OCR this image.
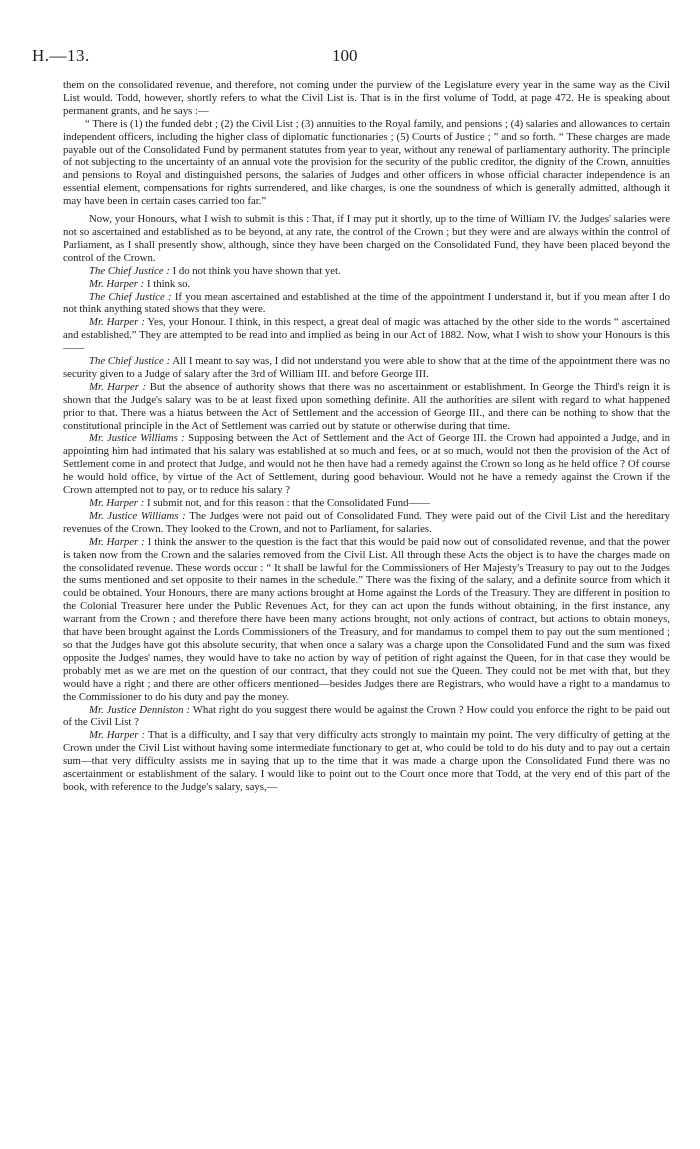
H.—13.	100

them on the consolidated revenue, and therefore, not coming under the purview of the Legislature every year in the same way as the Civil List would. Todd, however, shortly refers to what the Civil List is. That is in the first volume of Todd, at page 472. He is speaking about permanent grants, and he says :—

“ There is (1) the funded debt ; (2) the Civil List ; (3) annuities to the Royal family, and pensions ; (4) salaries and allowances to certain independent officers, including the higher class of diplomatic functionaries ; (5) Courts of Justice ; ” and so forth. “ These charges are made payable out of the Consolidated Fund by permanent statutes from year to year, without any renewal of parliamentary authority. The principle of not subjecting to the uncertainty of an annual vote the provision for the security of the public creditor, the dignity of the Crown, annuities and pensions to Royal and distinguished persons, the salaries of Judges and other officers in whose official character independence is an essential element, compensations for rights surrendered, and like charges, is one the soundness of which is generally admitted, although it may have been in certain cases carried too far.”

Now, your Honours, what I wish to submit is this : That, if I may put it shortly, up to the time of William IV. the Judges' salaries were not so ascertained and established as to be beyond, at any rate, the control of the Crown ; but they were and are always within the control of Parliament, as I shall presently show, although, since they have been charged on the Consolidated Fund, they have been placed beyond the control of the Crown.

The Chief Justice : I do not think you have shown that yet.

Mr. Harper : I think so.

The Chief Justice : If you mean ascertained and established at the time of the appointment I understand it, but if you mean after I do not think anything stated shows that they were.

Mr. Harper : Yes, your Honour. I think, in this respect, a great deal of magic was attached by the other side to the words “ ascertained and established.” They are attempted to be read into and implied as being in our Act of 1882. Now, what I wish to show your Honours is this——

The Chief Justice : All I meant to say was, I did not understand you were able to show that at the time of the appointment there was no security given to a Judge of salary after the 3rd of William III. and before George III.

Mr. Harper : But the absence of authority shows that there was no ascertainment or establishment. In George the Third's reign it is shown that the Judge's salary was to be at least fixed upon something definite. All the authorities are silent with regard to what happened prior to that. There was a hiatus between the Act of Settlement and the accession of George III., and there can be nothing to show that the constitutional principle in the Act of Settlement was carried out by statute or otherwise during that time.

Mr. Justice Williams : Supposing between the Act of Settlement and the Act of George III. the Crown had appointed a Judge, and in appointing him had intimated that his salary was established at so much and fees, or at so much, would not then the provision of the Act of Settlement come in and protect that Judge, and would not he then have had a remedy against the Crown so long as he held office ? Of course he would hold office, by virtue of the Act of Settlement, during good behaviour. Would not he have a remedy against the Crown if the Crown attempted not to pay, or to reduce his salary ?

Mr. Harper : I submit not, and for this reason : that the Consolidated Fund——

Mr. Justice Williams : The Judges were not paid out of Consolidated Fund. They were paid out of the Civil List and the hereditary revenues of the Crown. They looked to the Crown, and not to Parliament, for salaries.

Mr. Harper : I think the answer to the question is the fact that this would be paid now out of consolidated revenue, and that the power is taken now from the Crown and the salaries removed from the Civil List. All through these Acts the object is to have the charges made on the consolidated revenue. These words occur : “ It shall be lawful for the Commissioners of Her Majesty's Treasury to pay out to the Judges the sums mentioned and set opposite to their names in the schedule.” There was the fixing of the salary, and a definite source from which it could be obtained. Your Honours, there are many actions brought at Home against the Lords of the Treasury. They are different in position to the Colonial Treasurer here under the Public Revenues Act, for they can act upon the funds without obtaining, in the first instance, any warrant from the Crown ; and therefore there have been many actions brought, not only actions of contract, but actions to obtain moneys, that have been brought against the Lords Commissioners of the Treasury, and for mandamus to compel them to pay out the sum mentioned ; so that the Judges have got this absolute security, that when once a salary was a charge upon the Consolidated Fund and the sum was fixed opposite the Judges' names, they would have to take no action by way of petition of right against the Queen, for in that case they would be probably met as we are met on the question of our contract, that they could not sue the Queen. They could not be met with that, but they would have a right ; and there are other officers mentioned—besides Judges there are Registrars, who would have a right to a mandamus to the Commissioner to do his duty and pay the money.

Mr. Justice Denniston : What right do you suggest there would be against the Crown ? How could you enforce the right to be paid out of the Civil List ?

Mr. Harper : That is a difficulty, and I say that very difficulty acts strongly to maintain my point. The very difficulty of getting at the Crown under the Civil List without having some intermediate functionary to get at, who could be told to do his duty and to pay out a certain sum—that very difficulty assists me in saying that up to the time that it was made a charge upon the Consolidated Fund there was no ascertainment or establishment of the salary. I would like to point out to the Court once more that Todd, at the very end of this part of the book, with reference to the Judge's salary, says,—
